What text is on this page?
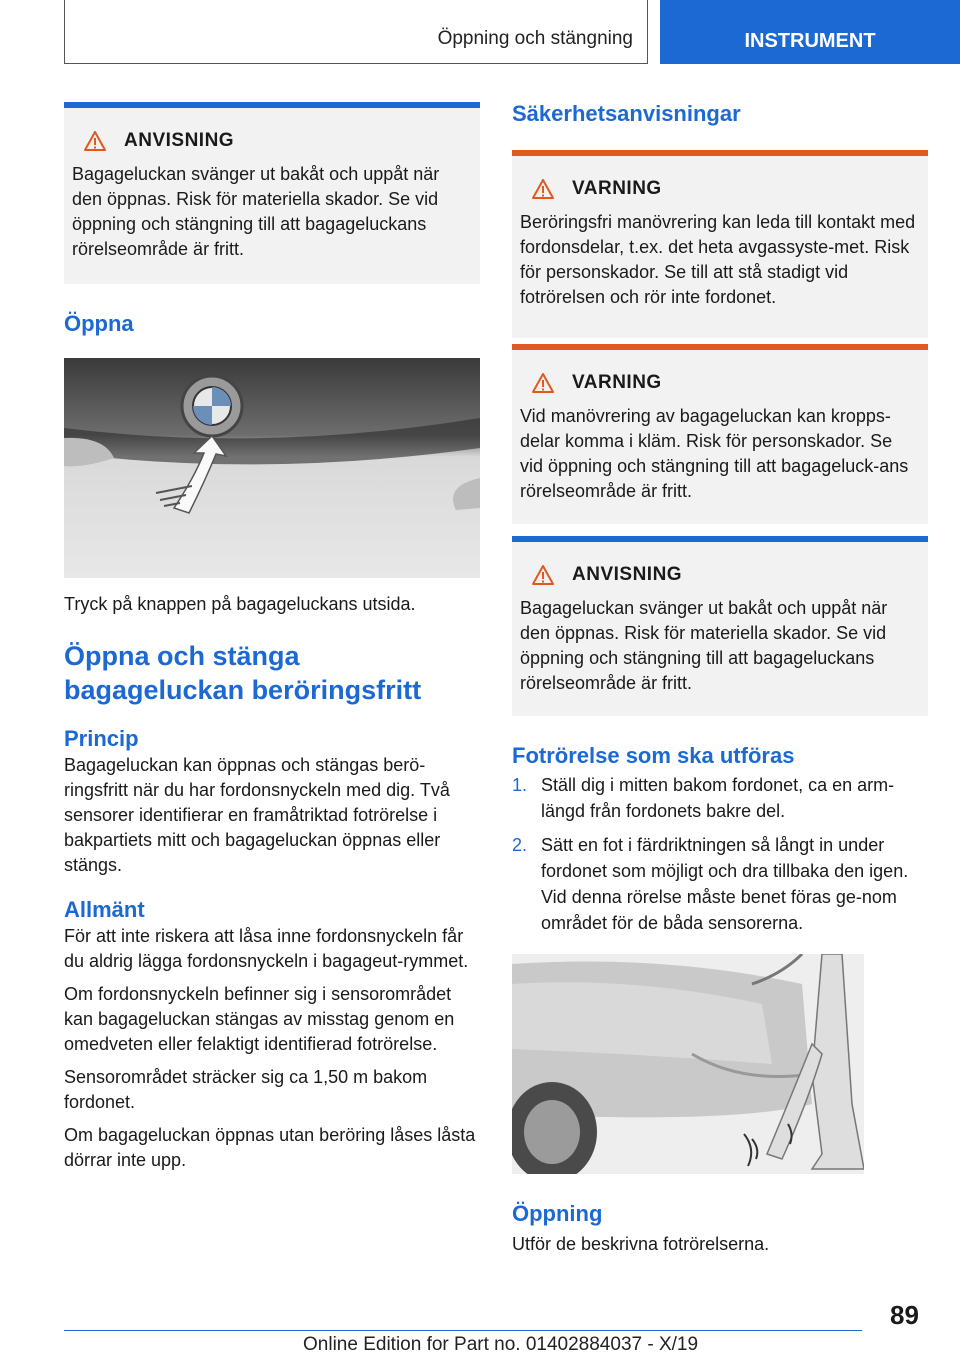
Öppning och stängning	INSTRUMENT
ANVISNING

Bagageluckan svänger ut bakåt och uppåt när den öppnas. Risk för materiella skador. Se vid öppning och stängning till att bagageluckans rörelseområde är fritt.

Öppna

Tryck på knappen på bagageluckans utsida.

Öppna och stänga bagageluckan beröringsfritt
Princip

Bagageluckan kan öppnas och stängas berö-ringsfritt när du har fordonsnyckeln med dig. Två sensorer identifierar en framåtriktad fotrörelse i bakpartiets mitt och bagageluckan öppnas eller stängs.

Allmänt

För att inte riskera att låsa inne fordonsnyckeln får du aldrig lägga fordonsnyckeln i bagageut-rymmet.

Om fordonsnyckeln befinner sig i sensorområdet kan bagageluckan stängas av misstag genom en omedveten eller felaktigt identifierad fotrörelse.

Sensorområdet sträcker sig ca 1,50 m bakom fordonet.

Om bagageluckan öppnas utan beröring låses låsta dörrar inte upp.

Säkerhetsanvisningar
VARNING

Beröringsfri manövrering kan leda till kontakt med fordonsdelar, t.ex. det heta avgassyste-met. Risk för personskador. Se till att stå stadigt vid fotrörelsen och rör inte fordonet.

VARNING

Vid manövrering av bagageluckan kan kropps-delar komma i kläm. Risk för personskador. Se vid öppning och stängning till att bagageluck-ans rörelseområde är fritt.

ANVISNING

Bagageluckan svänger ut bakåt och uppåt när den öppnas. Risk för materiella skador. Se vid öppning och stängning till att bagageluckans rörelseområde är fritt.

Fotrörelse som ska utföras
1. Ställ dig i mitten bakom fordonet, ca en arm-längd från fordonets bakre del.
2. Sätt en fot i färdriktningen så långt in under fordonet som möjligt och dra tillbaka den igen. Vid denna rörelse måste benet föras ge-nom området för de båda sensorerna.
Öppning

Utför de beskrivna fotrörelserna.

89
Online Edition for Part no. 01402884037 - X/19
